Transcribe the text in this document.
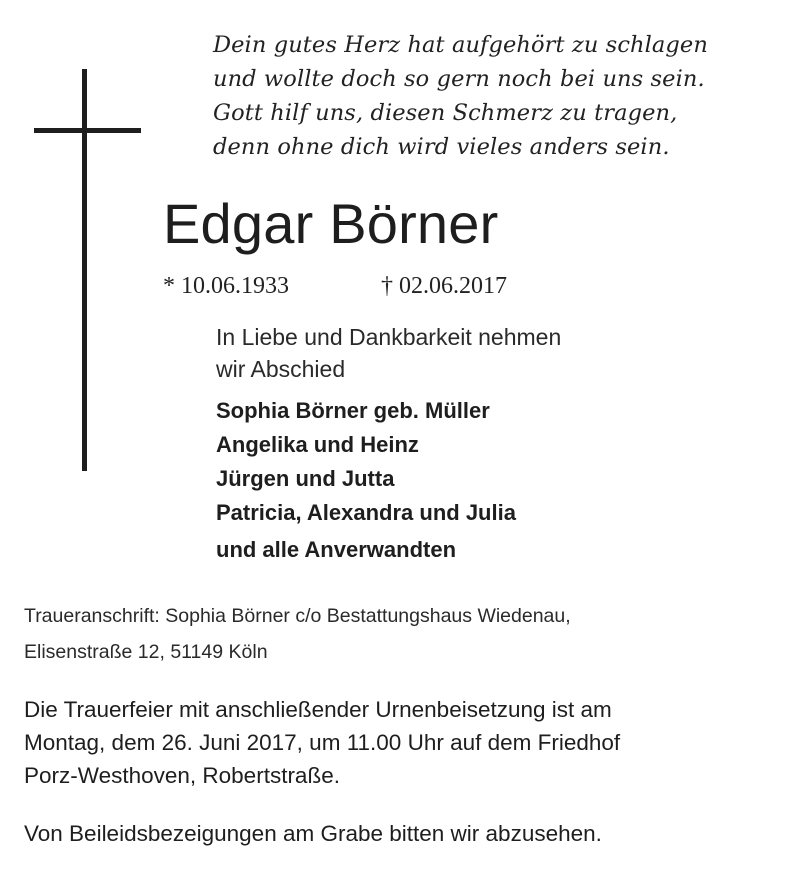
Dein gutes Herz hat aufgehört zu schlagen
und wollte doch so gern noch bei uns sein.
Gott hilf uns, diesen Schmerz zu tragen,
denn ohne dich wird vieles anders sein.
Edgar Börner
* 10.06.1933	† 02.06.2017
In Liebe und Dankbarkeit nehmen
wir Abschied
Sophia Börner geb. Müller
Angelika und Heinz
Jürgen und Jutta
Patricia, Alexandra und Julia
und alle Anverwandten
Traueranschrift: Sophia Börner c/o Bestattungshaus Wiedenau,
Elisenstraße 12, 51149 Köln
Die Trauerfeier mit anschließender Urnenbeisetzung ist am
Montag, dem 26. Juni 2017, um 11.00 Uhr auf dem Friedhof
Porz-Westhoven, Robertstraße.
Von Beileidsbezeigungen am Grabe bitten wir abzusehen.
